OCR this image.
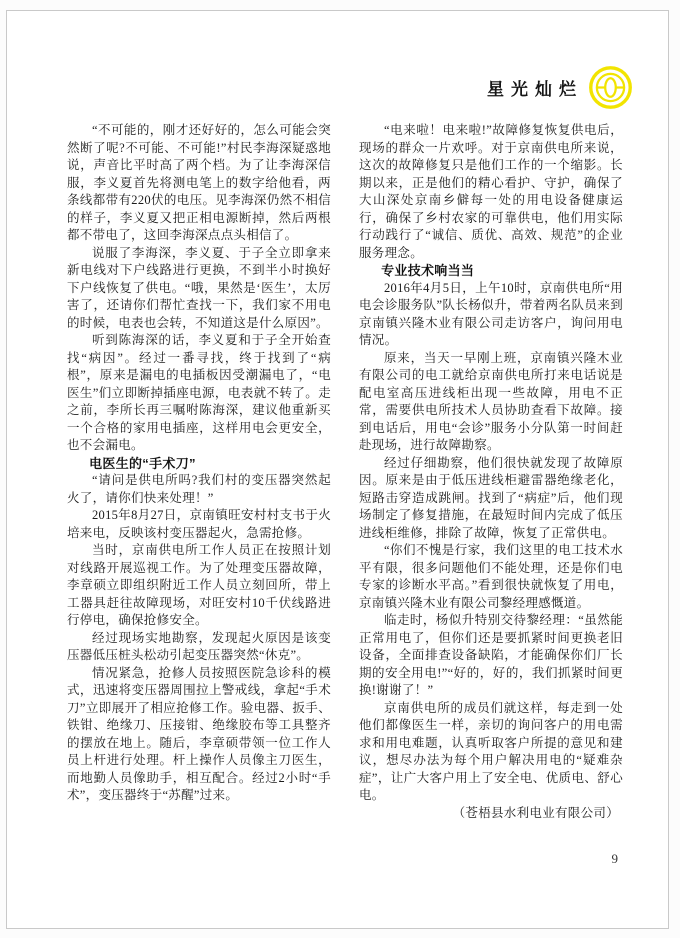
星光灿烂

“不可能的，刚才还好好的，怎么可能会突然断了呢?不可能、不可能!”村民李海深疑惑地说，声音比平时高了两个档。为了让李海深信服，李义夏首先将测电笔上的数字给他看，两条线都带有220伏的电压。见李海深仍然不相信的样子，李义夏又把正相电源断掉，然后两根都不带电了，这回李海深点点头相信了。

说服了李海深，李义夏、于子全立即拿来新电线对下户线路进行更换，不到半小时换好下户线恢复了供电。“哦，果然是‘医生’，太厉害了，还请你们帮忙查找一下，我们家不用电的时候，电表也会转，不知道这是什么原因”。

听到陈海深的话，李义夏和于子全开始查找“病因”。经过一番寻找，终于找到了“病根”，原来是漏电的电插板因受潮漏电了，“电医生”们立即断掉插座电源，电表就不转了。走之前，李所长再三嘱咐陈海深，建议他重新买一个合格的家用电插座，这样用电会更安全，也不会漏电。

电医生的“手术刀”

“请问是供电所吗?我们村的变压器突然起火了，请你们快来处理！”

2015年8月27日，京南镇旺安村村支书于火培来电，反映该村变压器起火，急需抢修。

当时，京南供电所工作人员正在按照计划对线路开展巡视工作。为了处理变压器故障，李章硕立即组织附近工作人员立刻回所，带上工器具赶往故障现场，对旺安村10千伏线路进行停电，确保抢修安全。

经过现场实地勘察，发现起火原因是该变压器低压桩头松动引起变压器突然“休克”。

情况紧急，抢修人员按照医院急诊科的模式，迅速将变压器周围拉上警戒线，拿起“手术刀”立即展开了相应抢修工作。验电器、扳手、铁钳、绝缘刀、压接钳、绝缘胶布等工具整齐的摆放在地上。随后，李章硕带领一位工作人员上杆进行处理。杆上操作人员像主刀医生，而地勤人员像助手，相互配合。经过2小时“手术”，变压器终于“苏醒”过来。

“电来啦！电来啦!”故障修复恢复供电后，现场的群众一片欢呼。对于京南供电所来说，这次的故障修复只是他们工作的一个缩影。长期以来，正是他们的精心看护、守护，确保了大山深处京南乡僻每一处的用电设备健康运行，确保了乡村农家的可靠供电，他们用实际行动践行了“诚信、质优、高效、规范”的企业服务理念。

专业技术响当当

2016年4月5日，上午10时，京南供电所“用电会诊服务队”队长杨似升，带着两名队员来到京南镇兴隆木业有限公司走访客户，询问用电情况。

原来，当天一早刚上班，京南镇兴隆木业有限公司的电工就给京南供电所打来电话说是配电室高压进线柜出现一些故障，用电不正常，需要供电所技术人员协助查看下故障。接到电话后，用电“会诊”服务小分队第一时间赶赴现场，进行故障勘察。

经过仔细勘察，他们很快就发现了故障原因。原来是由于低压进线柜避雷器绝缘老化，短路击穿造成跳闸。找到了“病症”后，他们现场制定了修复措施，在最短时间内完成了低压进线柜维修，排除了故障，恢复了正常供电。

“你们不愧是行家，我们这里的电工技术水平有限，很多问题他们不能处理，还是你们电专家的诊断水平高。”看到很快就恢复了用电，京南镇兴隆木业有限公司黎经理感慨道。

临走时，杨似升特别交待黎经理：“虽然能正常用电了，但你们还是要抓紧时间更换老旧设备，全面排查设备缺陷，才能确保你们厂长期的安全用电!”“好的，好的，我们抓紧时间更换!谢谢了！”

京南供电所的成员们就这样，每走到一处他们都像医生一样，亲切的询问客户的用电需求和用电难题，认真听取客户所提的意见和建议，想尽办法为每个用户解决用电的“疑难杂症”，让广大客户用上了安全电、优质电、舒心电。

（苍梧县水利电业有限公司）

9
